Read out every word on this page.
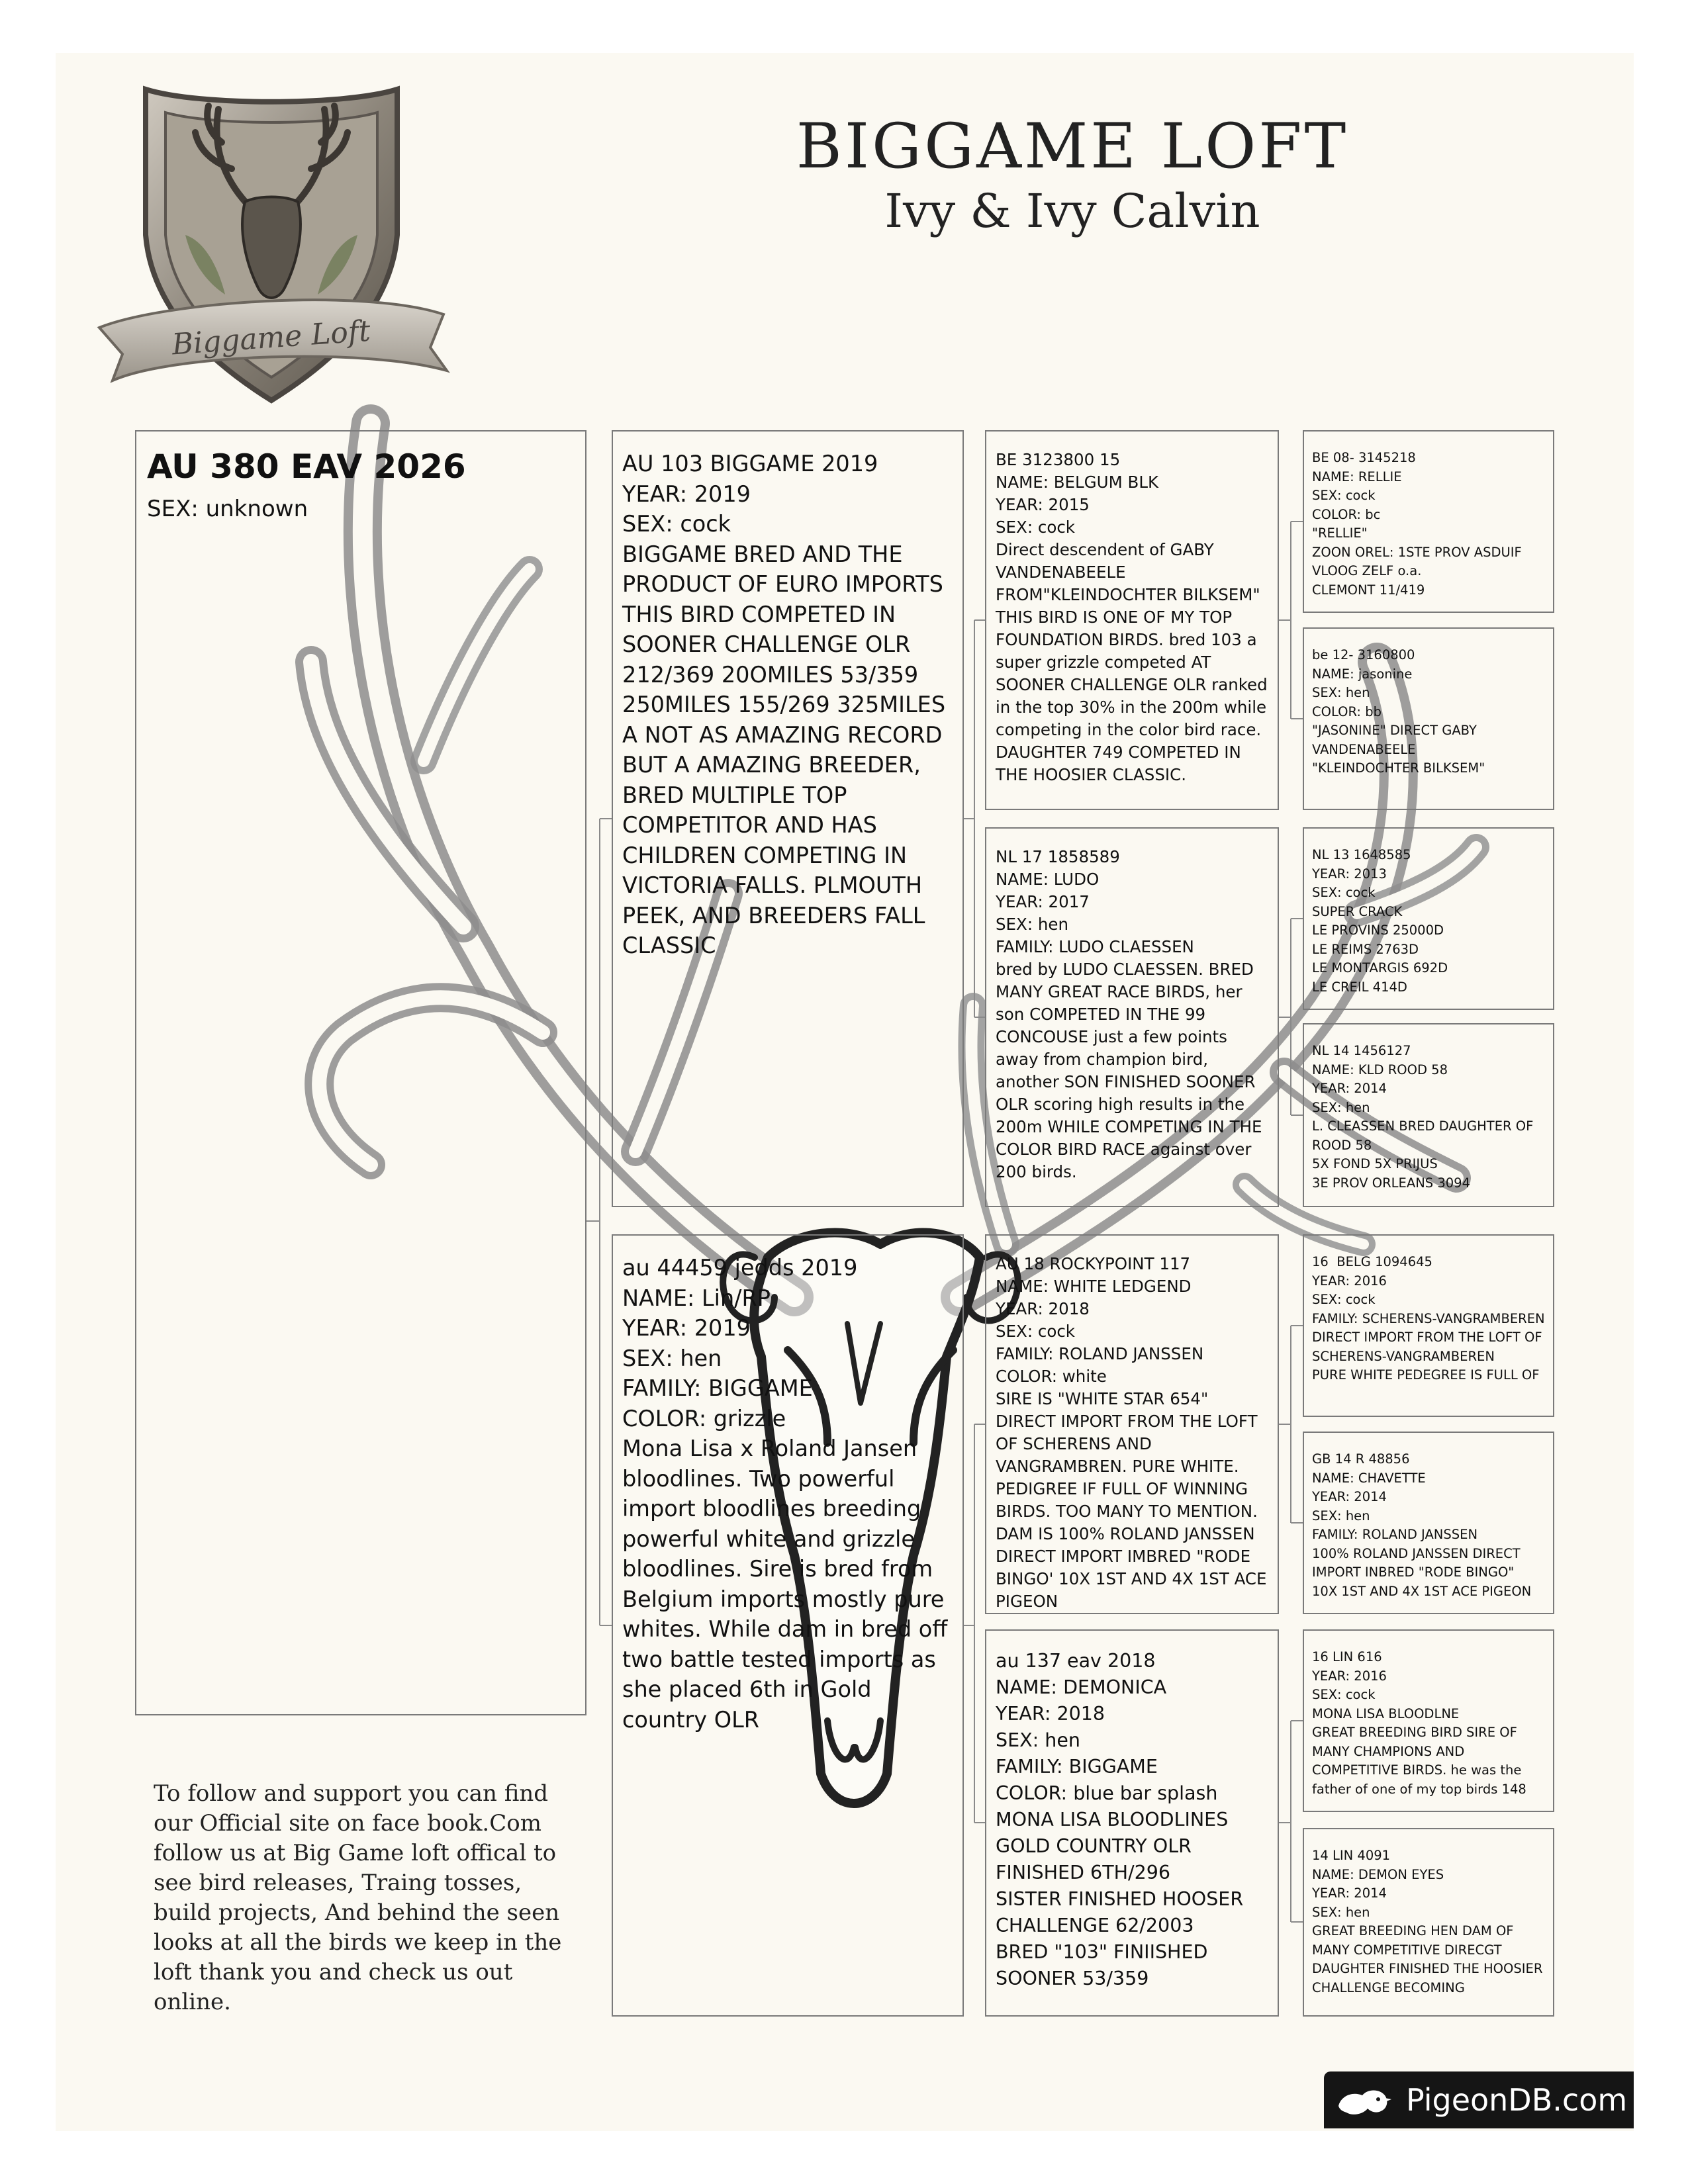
Biggame Loft
BIGGAME LOFT
Ivy & Ivy Calvin
AU 380 EAV 2026
SEX: unknown
AU 103 BIGGAME 2019
YEAR: 2019
SEX: cock
BIGGAME BRED AND THE PRODUCT OF EURO IMPORTS THIS BIRD COMPETED IN SOONER CHALLENGE OLR 212/369 20OMILES 53/359 250MILES 155/269 325MILES A NOT AS AMAZING RECORD BUT A AMAZING BREEDER, BRED MULTIPLE TOP COMPETITOR AND HAS CHILDREN COMPETING IN VICTORIA FALLS. PLMOUTH PEEK, AND BREEDERS FALL CLASSIC
au 44459 jedds 2019
NAME: Lin/RP
YEAR: 2019
SEX: hen
FAMILY: BIGGAME
COLOR: grizzle
Mona Lisa x Roland Jansen bloodlines. Two powerful import bloodlines breeding powerful white and grizzle bloodlines. Sire is bred from Belgium imports mostly pure whites. While dam in bred off two battle tested imports as she placed 6th in Gold country OLR
BE 3123800 15
NAME: BELGUM BLK
YEAR: 2015
SEX: cock
Direct descendent of GABY VANDENABEELE FROM"KLEINDOCHTER BILKSEM" THIS BIRD IS ONE OF MY TOP FOUNDATION BIRDS. bred 103 a super grizzle competed AT SOONER CHALLENGE OLR ranked in the top 30% in the 200m while competing in the color bird race. DAUGHTER 749 COMPETED IN THE HOOSIER CLASSIC.
NL 17 1858589
NAME: LUDO
YEAR: 2017
SEX: hen
FAMILY: LUDO CLAESSEN
bred by LUDO CLAESSEN. BRED MANY GREAT RACE BIRDS, her son COMPETED IN THE 99 CONCOUSE just a few points away from champion bird, another SON FINISHED SOONER OLR scoring high results in the 200m WHILE COMPETING IN THE COLOR BIRD RACE against over 200 birds.
AU 18 ROCKYPOINT 117
NAME: WHITE LEDGEND
YEAR: 2018
SEX: cock
FAMILY: ROLAND JANSSEN
COLOR: white
SIRE IS "WHITE STAR 654" DIRECT IMPORT FROM THE LOFT OF SCHERENS AND VANGRAMBREN. PURE WHITE. PEDIGREE IF FULL OF WINNING BIRDS. TOO MANY TO MENTION. DAM IS 100% ROLAND JANSSEN  DIRECT IMPORT IMBRED "RODE BINGO' 10X 1ST AND 4X 1ST ACE PIGEON
au 137 eav 2018
NAME: DEMONICA
YEAR: 2018
SEX: hen
FAMILY: BIGGAME
COLOR: blue bar splash
MONA LISA BLOODLINES GOLD COUNTRY OLR FINISHED 6TH/296
SISTER FINISHED HOOSER CHALLENGE 62/2003
BRED "103" FINIISHED SOONER 53/359
BE 08- 3145218
NAME: RELLIE
SEX: cock
COLOR: bc
"RELLIE"
ZOON OREL: 1STE PROV ASDUIF VLOOG ZELF o.a.
CLEMONT 11/419
be 12- 3160800
NAME: jasonine
SEX: hen
COLOR: bb
"JASONINE" DIRECT GABY VANDENABEELE
"KLEINDOCHTER BILKSEM"
NL 13 1648585
YEAR: 2013
SEX: cock
SUPER CRACK
LE PROVINS 25000D
LE REIMS 2763D
LE MONTARGIS 692D
LE CREIL 414D
NL 14 1456127
NAME: KLD ROOD 58
YEAR: 2014
SEX: hen
L. CLEASSEN BRED DAUGHTER OF ROOD 58
5X FOND 5X PRIJUS
3E PROV ORLEANS 3094
16  BELG 1094645
YEAR: 2016
SEX: cock
FAMILY: SCHERENS-VANGRAMBEREN
DIRECT IMPORT FROM THE LOFT OF SCHERENS-VANGRAMBEREN
PURE WHITE PEDEGREE IS FULL OF
GB 14 R 48856
NAME: CHAVETTE
YEAR: 2014
SEX: hen
FAMILY: ROLAND JANSSEN
100% ROLAND JANSSEN DIRECT IMPORT INBRED "RODE BINGO"
10X 1ST AND 4X 1ST ACE PIGEON
16 LIN 616
YEAR: 2016
SEX: cock
MONA LISA BLOODLNE
GREAT BREEDING BIRD SIRE OF MANY CHAMPIONS AND COMPETITIVE BIRDS. he was the father of one of my top birds 148
14 LIN 4091
NAME: DEMON EYES
YEAR: 2014
SEX: hen
GREAT BREEDING HEN DAM OF MANY COMPETITIVE DIRECGT DAUGHTER FINISHED THE HOOSIER CHALLENGE BECOMING
To follow and support you can find our Official site on face book.Com follow us at Big Game loft offical to see bird releases, Traing tosses, build projects, And behind the seen looks at all the birds we keep in the loft thank you and check us out online.
PigeonDB.com
